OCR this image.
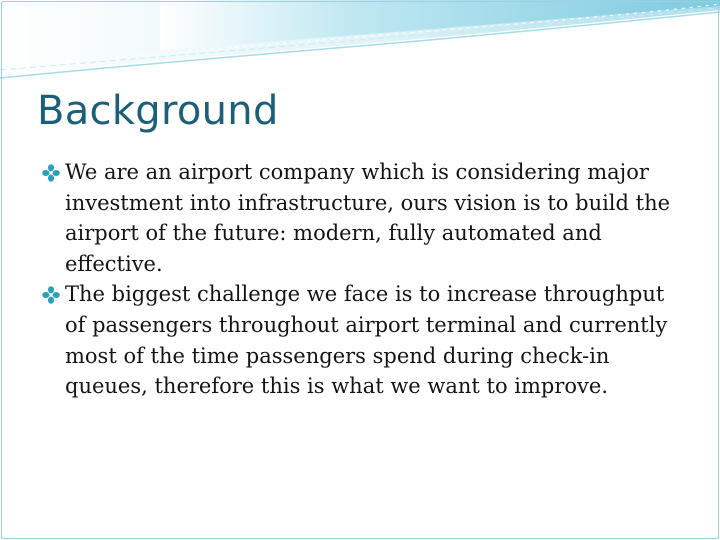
Background
We are an airport company which is considering major investment into infrastructure, ours vision is to build the airport of the future: modern, fully automated and effective.
The biggest challenge we face is to increase throughput of passengers throughout airport terminal and currently most of the time passengers spend during check-in queues, therefore this is what we want to improve.
